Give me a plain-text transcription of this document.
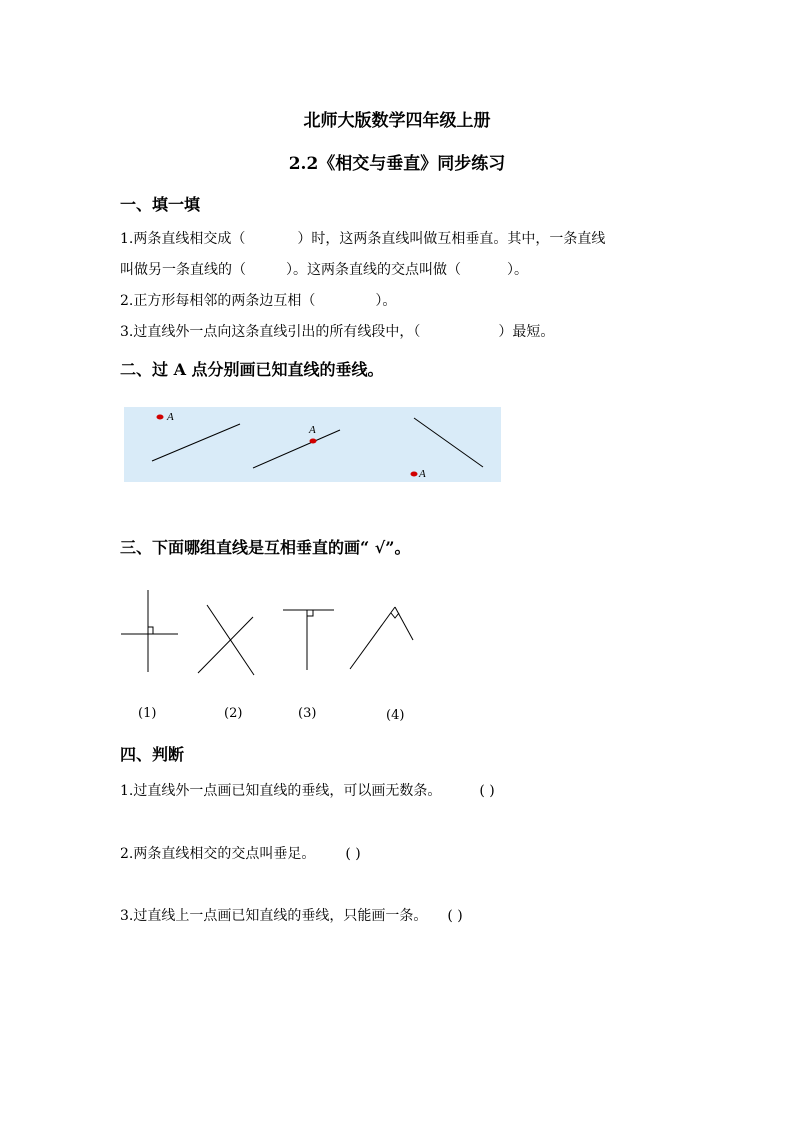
北师大版数学四年级上册
2.2《相交与垂直》同步练习
一、填一填
1.两条直线相交成（	）时，这两条直线叫做互相垂直。其中，一条直线
叫做另一条直线的（	）。这两条直线的交点叫做（	）。
2.正方形每相邻的两条边互相（	）。
3.过直线外一点向这条直线引出的所有线段中，（	）最短。
二、过 A 点分别画已知直线的垂线。
A
A
A
三、下面哪组直线是互相垂直的画“ √”。
(1)	(2)	(3)	(4)
四、判断
1.过直线外一点画已知直线的垂线，可以画无数条。	( )
2.两条直线相交的交点叫垂足。 ( )
3.过直线上一点画已知直线的垂线，只能画一条。 ( )
